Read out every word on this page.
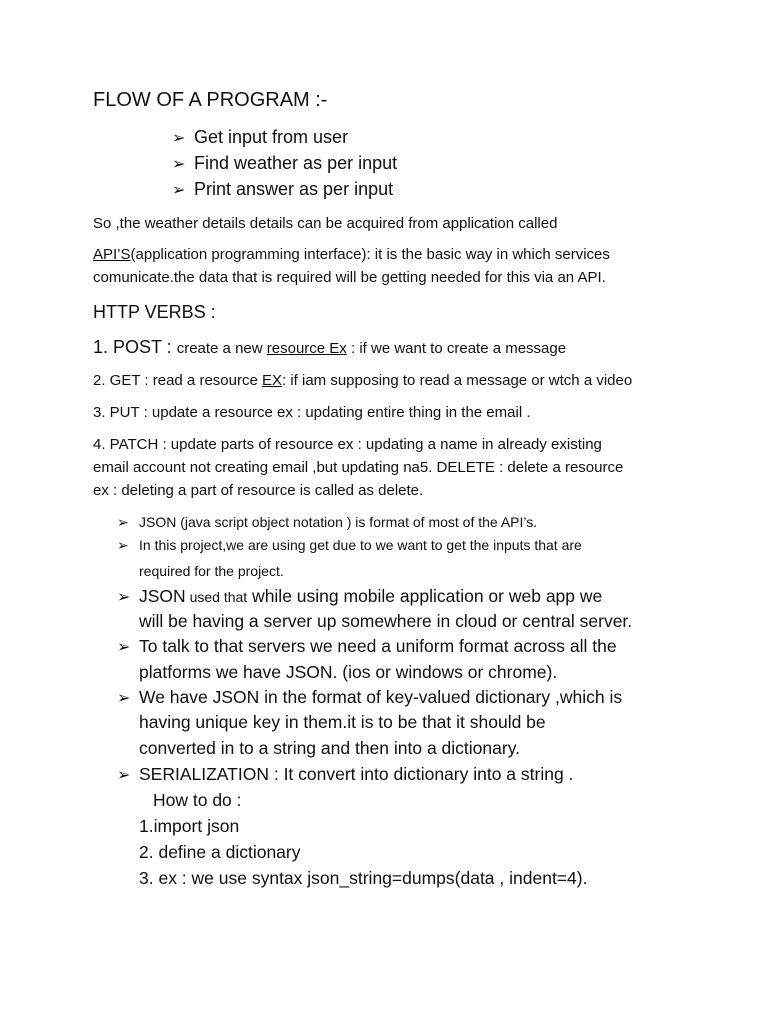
FLOW OF A PROGRAM :-
➢ Get input from user
➢ Find weather as per input
➢ Print answer as per input
So ,the weather details details can be acquired from application called
API’S(application programming interface): it is the basic way in which services
comunicate.the data that is required will be getting needed for this via an API.
HTTP VERBS :
1. POST : create a new resource Ex : if we want to create a message
2. GET : read a resource EX: if iam supposing to read a message or wtch a video
3. PUT : update a resource ex : updating entire thing in the email .
4. PATCH : update parts of resource ex : updating a name in already existing
email account not creating email ,but updating na5. DELETE : delete a resource
ex : deleting a part of resource is called as delete.
➢ JSON (java script object notation ) is format of most of the API’s.
➢ In this project,we are using get due to we want to get the inputs that are
required for the project.
➢ JSON used that while using mobile application or web app we
will be having a server up somewhere in cloud or central server.
➢ To talk to that servers we need a uniform format across all the
platforms we have JSON. (ios or windows or chrome).
➢ We have JSON in the format of key-valued dictionary ,which is
having unique key in them.it is to be that it should be
converted in to a string and then into a dictionary.
➢ SERIALIZATION : It convert into dictionary into a string .
How to do :
1.import json
2. define a dictionary
3. ex : we use syntax json_string=dumps(data , indent=4).
